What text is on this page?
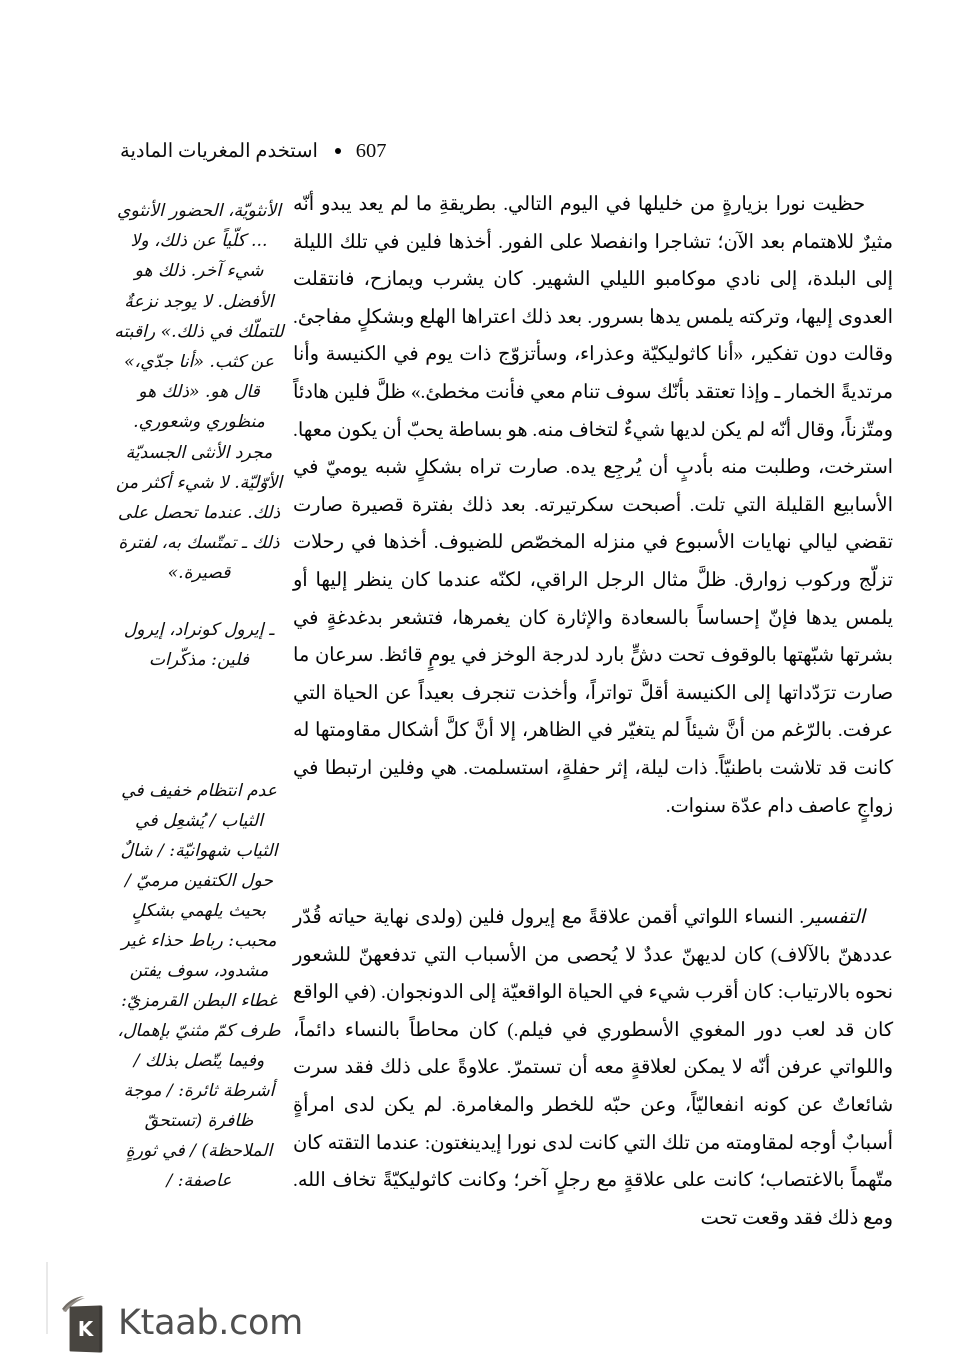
607  استخدم المغريات المادية

حظيت نورا بزيارةٍ من خليلها في اليوم التالي. بطريقةِ ما لم يعد يبدو أنّه مثيرٌ للاهتمام بعد الآن؛ تشاجرا وانفصلا على الفور. أخذها فلين في تلك الليلة إلى البلدة، إلى نادي موكامبو الليلي الشهير. كان يشرب ويمازح، فانتقلت العدوى إليها، وتركته يلمس يدها بسرور. بعد ذلك اعتراها الهلع وبشكلٍ مفاجئ. وقالت دون تفكير، «أنا كاثوليكيّة وعذراء، وسأتزوّج ذات يوم في الكنيسة وأنا مرتديةً الخمار ـ وإذا تعتقد بأنّك سوف تنام معي فأنت مخطئ.» ظلَّ فلين هادئاً ومتّزناً، وقال أنّه لم يكن لديها شيءٌ لتخاف منه. هو بساطة يحبّ أن يكون معها. استرخت، وطلبت منه بأدبٍ أن يُرجِع يده. صارت تراه بشكلٍ شبه يوميّ في الأسابيع القليلة التي تلت. أصبحت سكرتيرته. بعد ذلك بفترة قصيرة صارت تقضي ليالي نهايات الأسبوع في منزله المخصّص للضيوف. أخذها في رحلات تزلّج وركوب زوارق. ظلَّ مثال الرجل الراقي، لكنّه عندما كان ينظر إليها أو يلمس يدها فإنّ إحساساً بالسعادة والإثارة كان يغمرها، فتشعر بدغدغةٍ في بشرتها شبّهتها بالوقوف تحت دشٍّ بارد لدرجة الوخز في يومٍ قائظ. سرعان ما صارت ترَدّداتها إلى الكنيسة أقلَّ تواتراً، وأخذت تنجرف بعيداً عن الحياة التي عرفت. بالرّغم من أنَّ شيئاً لم يتغيّر في الظاهر، إلا أنَّ كلَّ أشكال مقاومتها له كانت قد تلاشت باطنيّاً. ذات ليلة، إثر حفلةٍ، استسلمت. هي وفلين ارتبطا في زواجٍ عاصف دام عدّة سنوات.

التفسير. النساء اللواتي أقمن علاقةً مع إيرول فلين (ولدى نهاية حياته قُدّر عددهنّ بالآلاف) كان لديهنّ عددٌ لا يُحصى من الأسباب التي تدفعهنّ للشعور نحوه بالارتياب: كان أقرب شيء في الحياة الواقعيّة إلى الدونجوان. (في الواقع كان قد لعب دور المغوي الأسطوري في فيلم.) كان محاطاً بالنساء دائماً، واللواتي عرفن أنّه لا يمكن لعلاقةٍ معه أن تستمرّ. علاوةً على ذلك فقد سرت شائعاتٌ عن كونه انفعاليّاً، وعن حبّه للخطر والمغامرة. لم يكن لدى امرأةٍ أسبابٌ أوجه لمقاومته من تلك التي كانت لدى نورا إيدينغتون: عندما التقته كان متّهماً بالاغتصاب؛ كانت على علاقةٍ مع رجلٍ آخر؛ وكانت كاثوليكيّةً تخاف الله. ومع ذلك فقد وقعت تحت

الأنثويّة، الحضور الأنثوي ... كلّياً عن ذلك، ولا شيء آخر. ذلك هو الأفضل. لا يوجد نزعةٌ للتملّك في ذلك.» راقبته عن كثب. «أنا جدّي،» قال هو. «ذلك هو منظوري وشعوري. مجرد الأنثى الجسديّة الأوّليّة. لا شيء أكثر من ذلك. عندما تحصل على ذلك ـ تمتّسك به، لفترة قصيرة.»

ـ إيرول كونراد، إيرول فلين: مذكّرات

عدم انتظام خفيف في الثياب / يُشعِل في الثياب شهوانيّة: / شالٌ حول الكتفين مرميّ / بحيث يلهمي بشكلٍ محبب: رباط حذاء غير مشدود، سوف يفتن غطاء البطن القرمزيّ: طرف كمّ مثنيّ بإهمال، وفيما يتّصل بذلك / أشرطة ثائرة: / موجة ظافرة (تستحقّ الملاحظة) / في ثورةٍ عاصفة: /

K Ktaab.com
